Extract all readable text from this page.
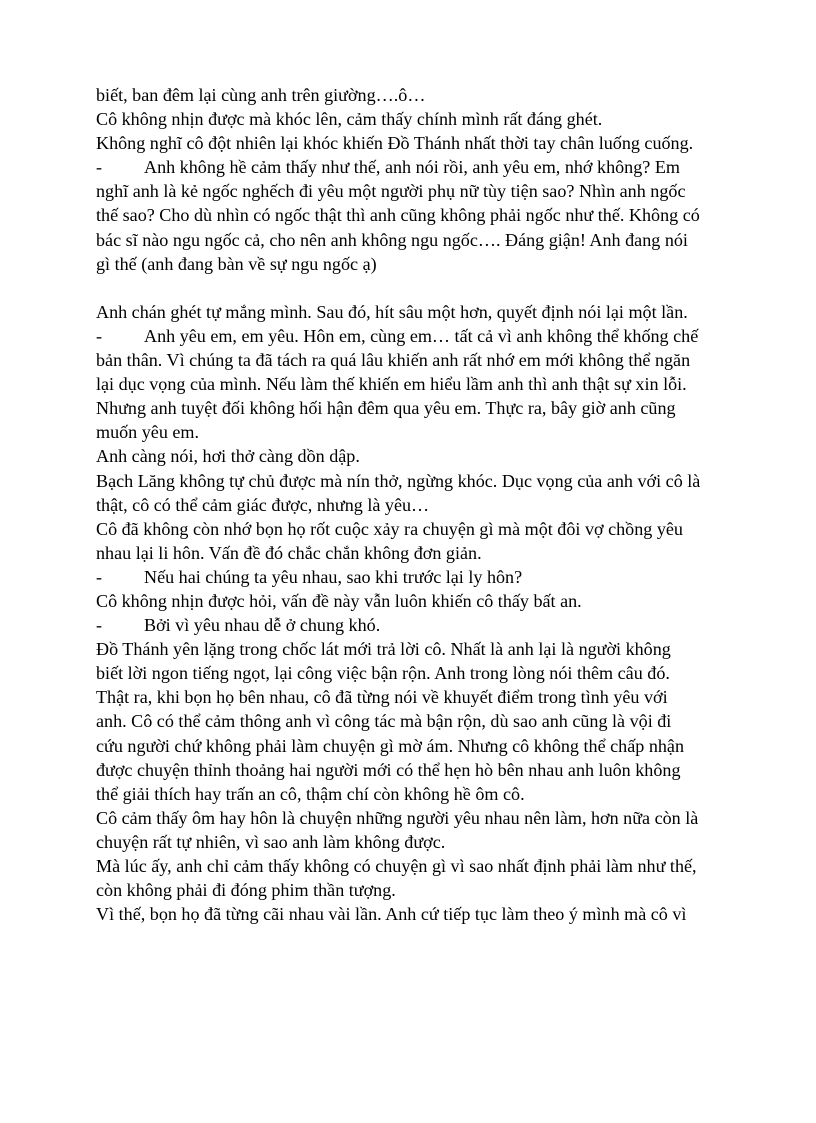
biết, ban đêm lại cùng anh trên giường….ô…
Cô không nhịn được mà khóc lên, cảm thấy chính mình rất đáng ghét.
Không nghĩ cô đột nhiên lại khóc khiến Đồ Thánh nhất thời tay chân luống cuống.
- Anh không hề cảm thấy như thế, anh nói rồi, anh yêu em, nhớ không? Em
nghĩ anh là kẻ ngốc nghếch đi yêu một người phụ nữ tùy tiện sao? Nhìn anh ngốc
thế sao? Cho dù nhìn có ngốc thật thì anh cũng không phải ngốc như thế. Không có
bác sĩ nào ngu ngốc cả, cho nên anh không ngu ngốc…. Đáng giận! Anh đang nói
gì thế (anh đang bàn về sự ngu ngốc ạ)
Anh chán ghét tự mắng mình. Sau đó, hít sâu một hơn, quyết định nói lại một lần.
- Anh yêu em, em yêu. Hôn em, cùng em… tất cả vì anh không thể khống chế
bản thân. Vì chúng ta đã tách ra quá lâu khiến anh rất nhớ em mới không thể ngăn
lại dục vọng của mình. Nếu làm thế khiến em hiểu lầm anh thì anh thật sự xin lỗi.
Nhưng anh tuyệt đối không hối hận đêm qua yêu em. Thực ra, bây giờ anh cũng
muốn yêu em.
Anh càng nói, hơi thở càng dồn dập.
Bạch Lăng không tự chủ được mà nín thở, ngừng khóc. Dục vọng của anh với cô là
thật, cô có thể cảm giác được, nhưng là yêu…
Cô đã không còn nhớ bọn họ rốt cuộc xảy ra chuyện gì mà một đôi vợ chồng yêu
nhau lại li hôn. Vấn đề đó chắc chắn không đơn giản.
- Nếu hai chúng ta yêu nhau, sao khi trước lại ly hôn?
Cô không nhịn được hỏi, vấn đề này vẫn luôn khiến cô thấy bất an.
- Bởi vì yêu nhau dễ ở chung khó.
Đồ Thánh yên lặng trong chốc lát mới trả lời cô. Nhất là anh lại là người không
biết lời ngon tiếng ngọt, lại công việc bận rộn. Anh trong lòng nói thêm câu đó.
Thật ra, khi bọn họ bên nhau, cô đã từng nói về khuyết điểm trong tình yêu với
anh. Cô có thể cảm thông anh vì công tác mà bận rộn, dù sao anh cũng là vội đi
cứu người chứ không phải làm chuyện gì mờ ám. Nhưng cô không thể chấp nhận
được chuyện thỉnh thoảng hai người mới có thể hẹn hò bên nhau anh luôn không
thể giải thích hay trấn an cô, thậm chí còn không hề ôm cô.
Cô cảm thấy ôm hay hôn là chuyện những người yêu nhau nên làm, hơn nữa còn là
chuyện rất tự nhiên, vì sao anh làm không được.
Mà lúc ấy, anh chỉ cảm thấy không có chuyện gì vì sao nhất định phải làm như thế,
còn không phải đi đóng phim thần tượng.
Vì thế, bọn họ đã từng cãi nhau vài lần. Anh cứ tiếp tục làm theo ý mình mà cô vì
